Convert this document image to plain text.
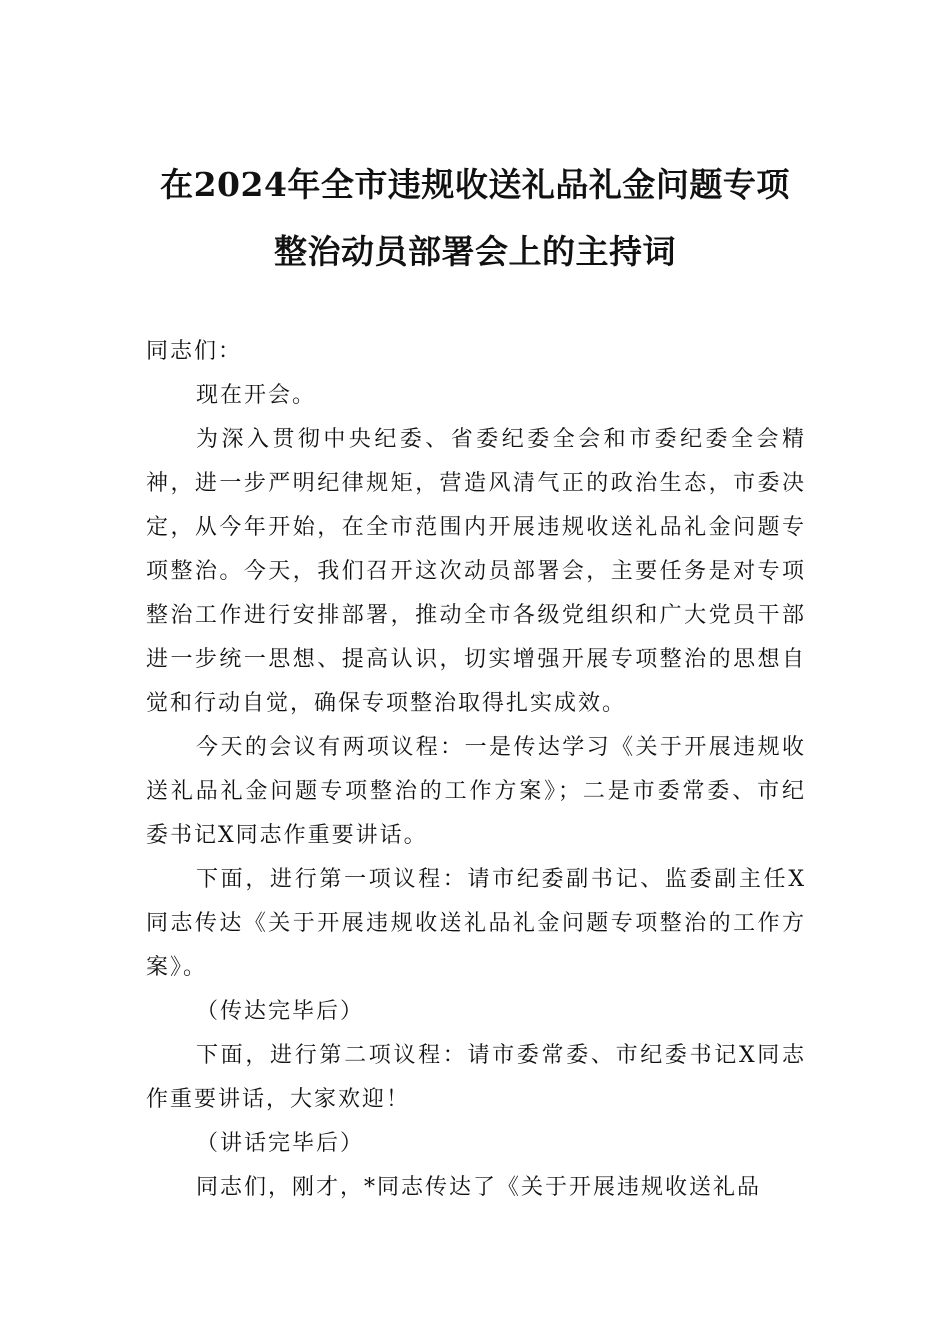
在2024年全市违规收送礼品礼金问题专项
整治动员部署会上的主持词

同志们：

现在开会。

为深入贯彻中央纪委、省委纪委全会和市委纪委全会精神，进一步严明纪律规矩，营造风清气正的政治生态，市委决定，从今年开始，在全市范围内开展违规收送礼品礼金问题专项整治。今天，我们召开这次动员部署会，主要任务是对专项整治工作进行安排部署，推动全市各级党组织和广大党员干部进一步统一思想、提高认识，切实增强开展专项整治的思想自觉和行动自觉，确保专项整治取得扎实成效。

今天的会议有两项议程：一是传达学习《关于开展违规收送礼品礼金问题专项整治的工作方案》；二是市委常委、市纪委书记X同志作重要讲话。

下面，进行第一项议程：请市纪委副书记、监委副主任X同志传达《关于开展违规收送礼品礼金问题专项整治的工作方案》。

（传达完毕后）

下面，进行第二项议程：请市委常委、市纪委书记X同志作重要讲话，大家欢迎！

（讲话完毕后）

同志们，刚才，*同志传达了《关于开展违规收送礼品
